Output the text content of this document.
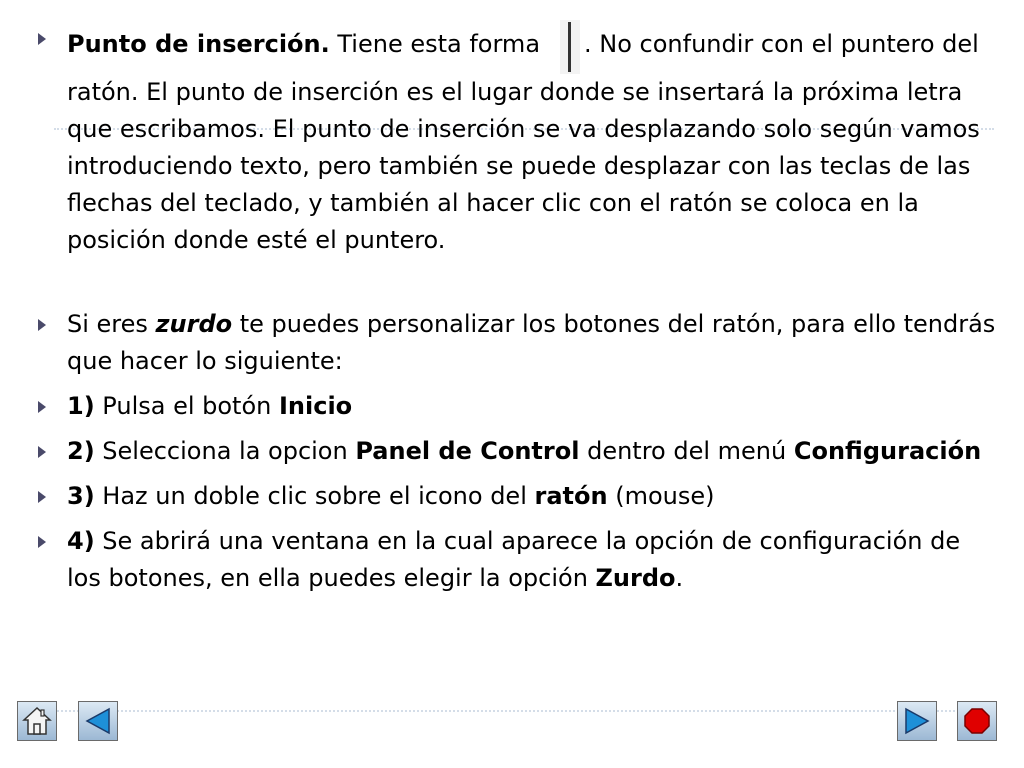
Punto de inserción. Tiene esta forma . No confundir con el puntero del ratón. El punto de inserción es el lugar donde se insertará la próxima letra que escribamos. El punto de inserción se va desplazando solo según vamos introduciendo texto, pero también se puede desplazar con las teclas de las flechas del teclado, y también al hacer clic con el ratón se coloca en la posición donde esté el puntero.
Si eres zurdo te puedes personalizar los botones del ratón, para ello tendrás que hacer lo siguiente:
1) Pulsa el botón Inicio
2) Selecciona la opcion Panel de Control dentro del menú Configuración
3) Haz un doble clic sobre el icono del ratón (mouse)
4) Se abrirá una ventana en la cual aparece la opción de configuración de los botones, en ella puedes elegir la opción Zurdo.
